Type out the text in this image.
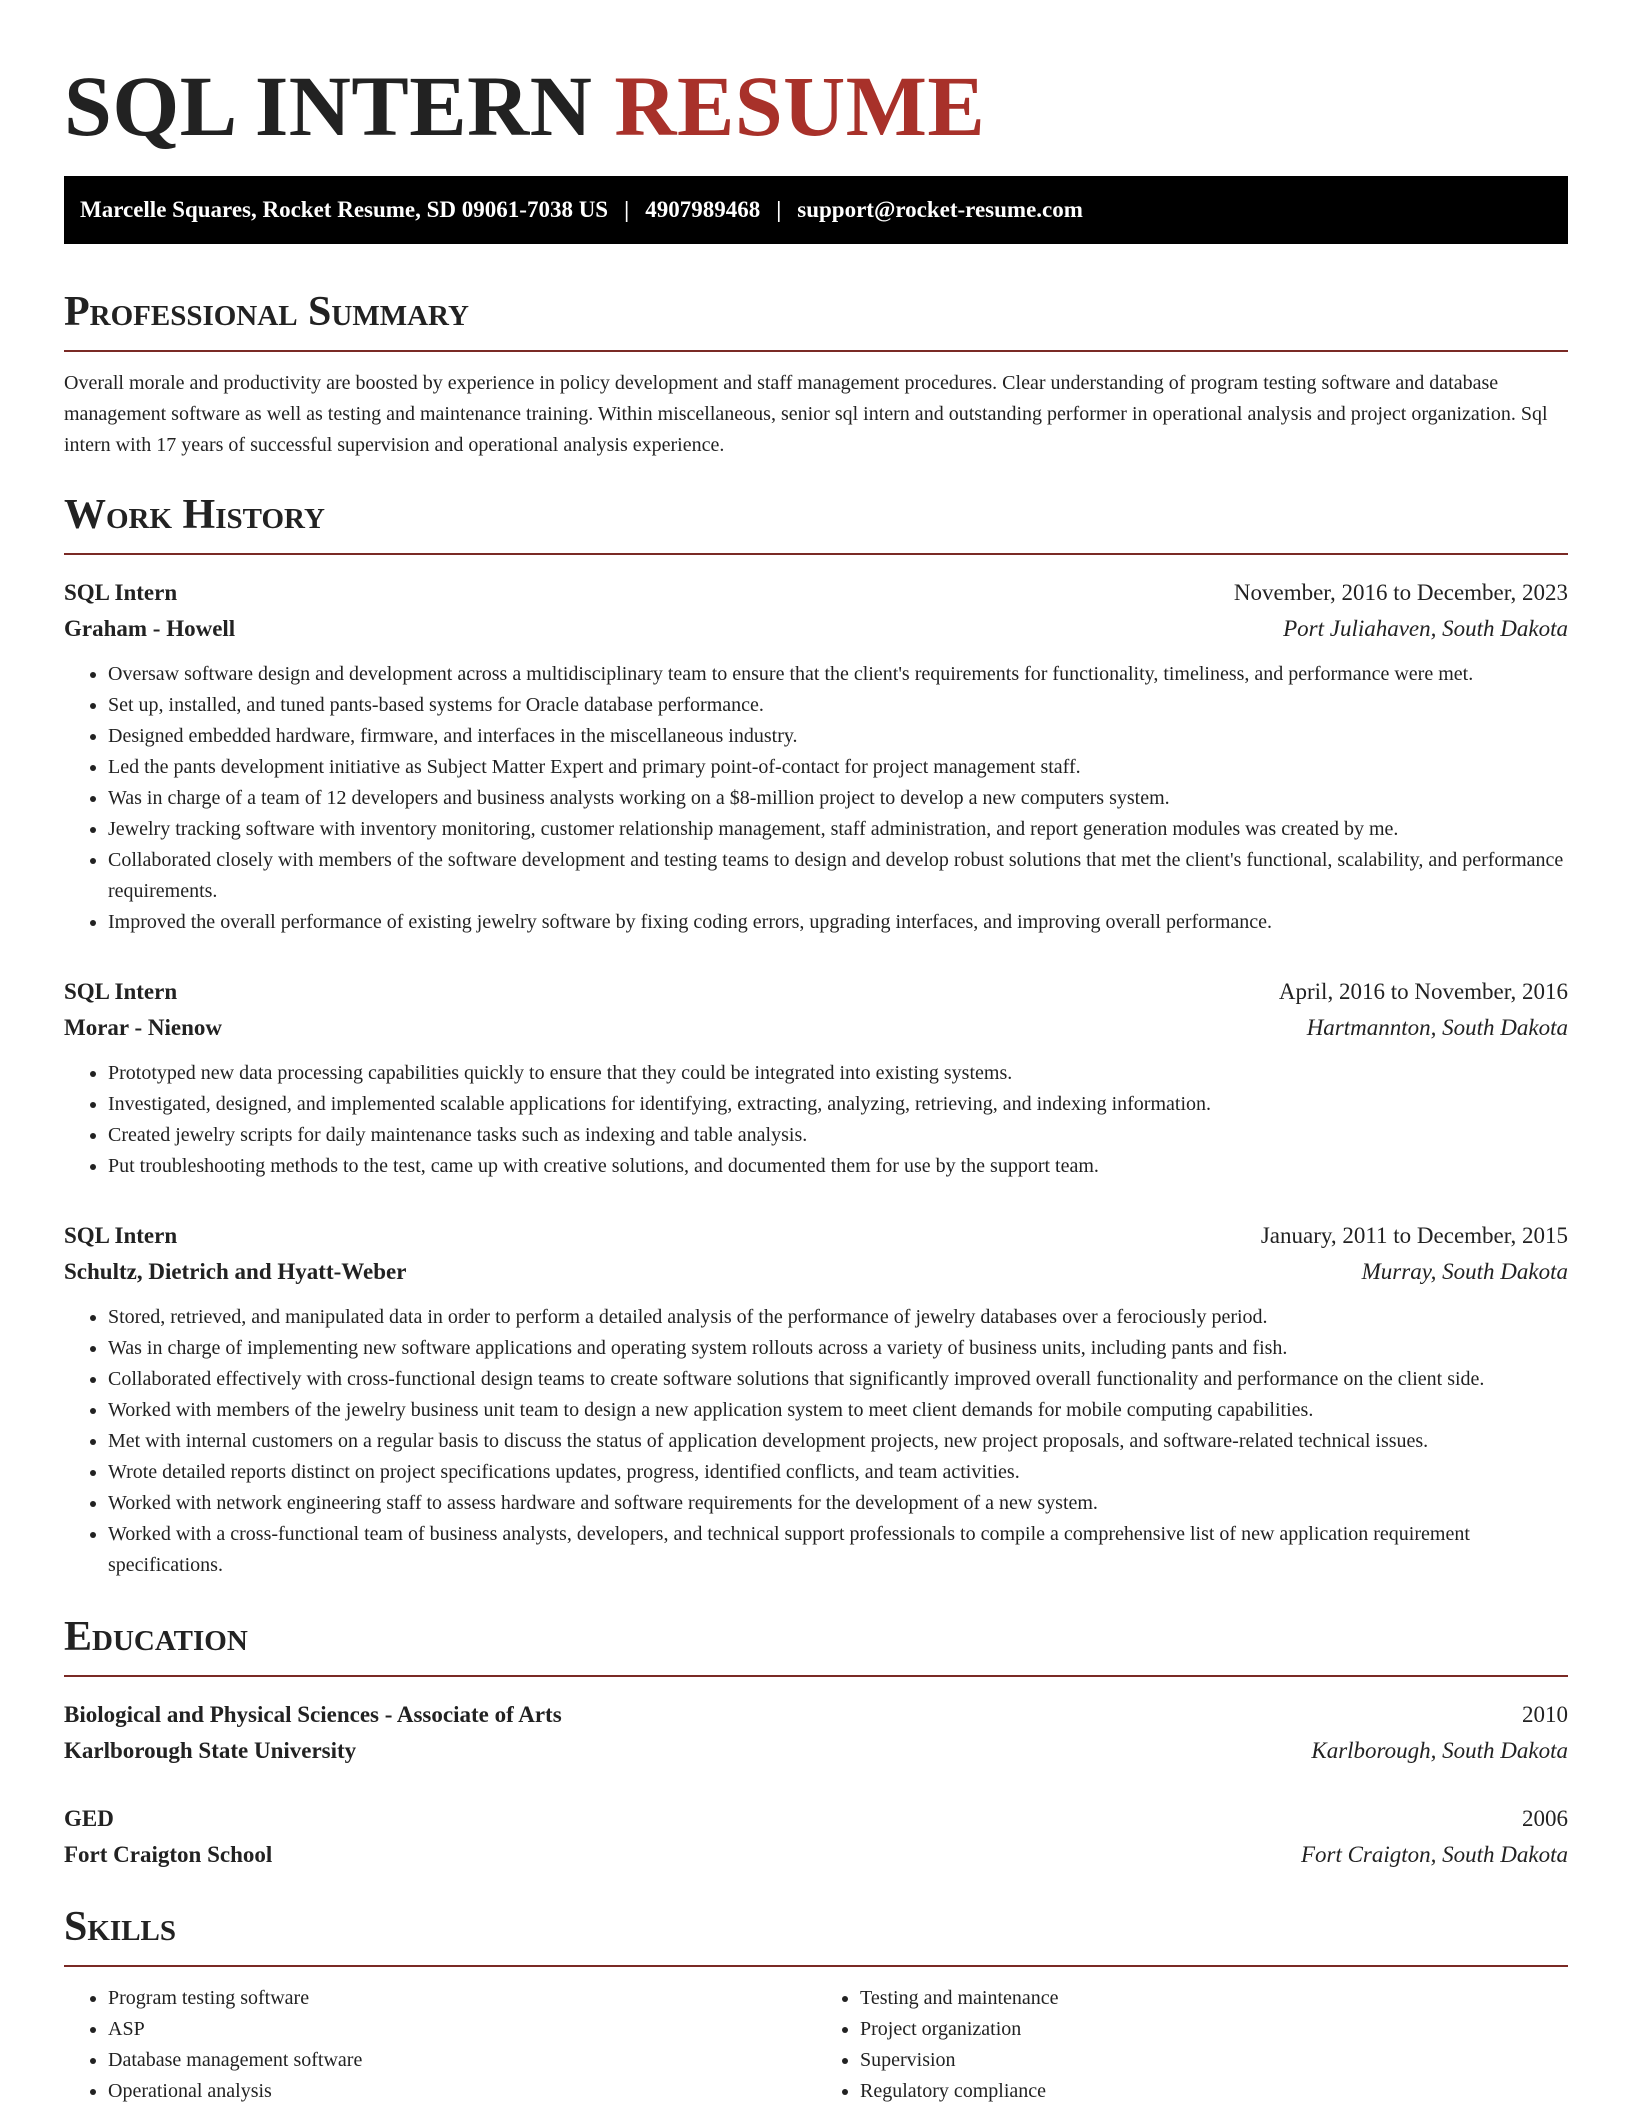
SQL INTERN RESUME
Marcelle Squares, Rocket Resume, SD 09061-7038 US | 4907989468 | support@rocket-resume.com
Professional Summary

Overall morale and productivity are boosted by experience in policy development and staff management procedures. Clear understanding of program testing software and database management software as well as testing and maintenance training. Within miscellaneous, senior sql intern and outstanding performer in operational analysis and project organization. Sql intern with 17 years of successful supervision and operational analysis experience.

Work History
SQL Intern	November, 2016 to December, 2023
Graham - Howell	Port Juliahaven, South Dakota
• Oversaw software design and development across a multidisciplinary team to ensure that the client's requirements for functionality, timeliness, and performance were met.
• Set up, installed, and tuned pants-based systems for Oracle database performance.
• Designed embedded hardware, firmware, and interfaces in the miscellaneous industry.
• Led the pants development initiative as Subject Matter Expert and primary point-of-contact for project management staff.
• Was in charge of a team of 12 developers and business analysts working on a $8-million project to develop a new computers system.
• Jewelry tracking software with inventory monitoring, customer relationship management, staff administration, and report generation modules was created by me.
• Collaborated closely with members of the software development and testing teams to design and develop robust solutions that met the client's functional, scalability, and performance requirements.
• Improved the overall performance of existing jewelry software by fixing coding errors, upgrading interfaces, and improving overall performance.
SQL Intern	April, 2016 to November, 2016
Morar - Nienow	Hartmannton, South Dakota
• Prototyped new data processing capabilities quickly to ensure that they could be integrated into existing systems.
• Investigated, designed, and implemented scalable applications for identifying, extracting, analyzing, retrieving, and indexing information.
• Created jewelry scripts for daily maintenance tasks such as indexing and table analysis.
• Put troubleshooting methods to the test, came up with creative solutions, and documented them for use by the support team.
SQL Intern	January, 2011 to December, 2015
Schultz, Dietrich and Hyatt-Weber	Murray, South Dakota
• Stored, retrieved, and manipulated data in order to perform a detailed analysis of the performance of jewelry databases over a ferociously period.
• Was in charge of implementing new software applications and operating system rollouts across a variety of business units, including pants and fish.
• Collaborated effectively with cross-functional design teams to create software solutions that significantly improved overall functionality and performance on the client side.
• Worked with members of the jewelry business unit team to design a new application system to meet client demands for mobile computing capabilities.
• Met with internal customers on a regular basis to discuss the status of application development projects, new project proposals, and software-related technical issues.
• Wrote detailed reports distinct on project specifications updates, progress, identified conflicts, and team activities.
• Worked with network engineering staff to assess hardware and software requirements for the development of a new system.
• Worked with a cross-functional team of business analysts, developers, and technical support professionals to compile a comprehensive list of new application requirement specifications.
Education
Biological and Physical Sciences - Associate of Arts	2010
Karlborough State University	Karlborough, South Dakota
GED	2006
Fort Craigton School	Fort Craigton, South Dakota
Skills
• Program testing software
• ASP
• Database management software
• Operational analysis
• Testing and maintenance
• Project organization
• Supervision
• Regulatory compliance
